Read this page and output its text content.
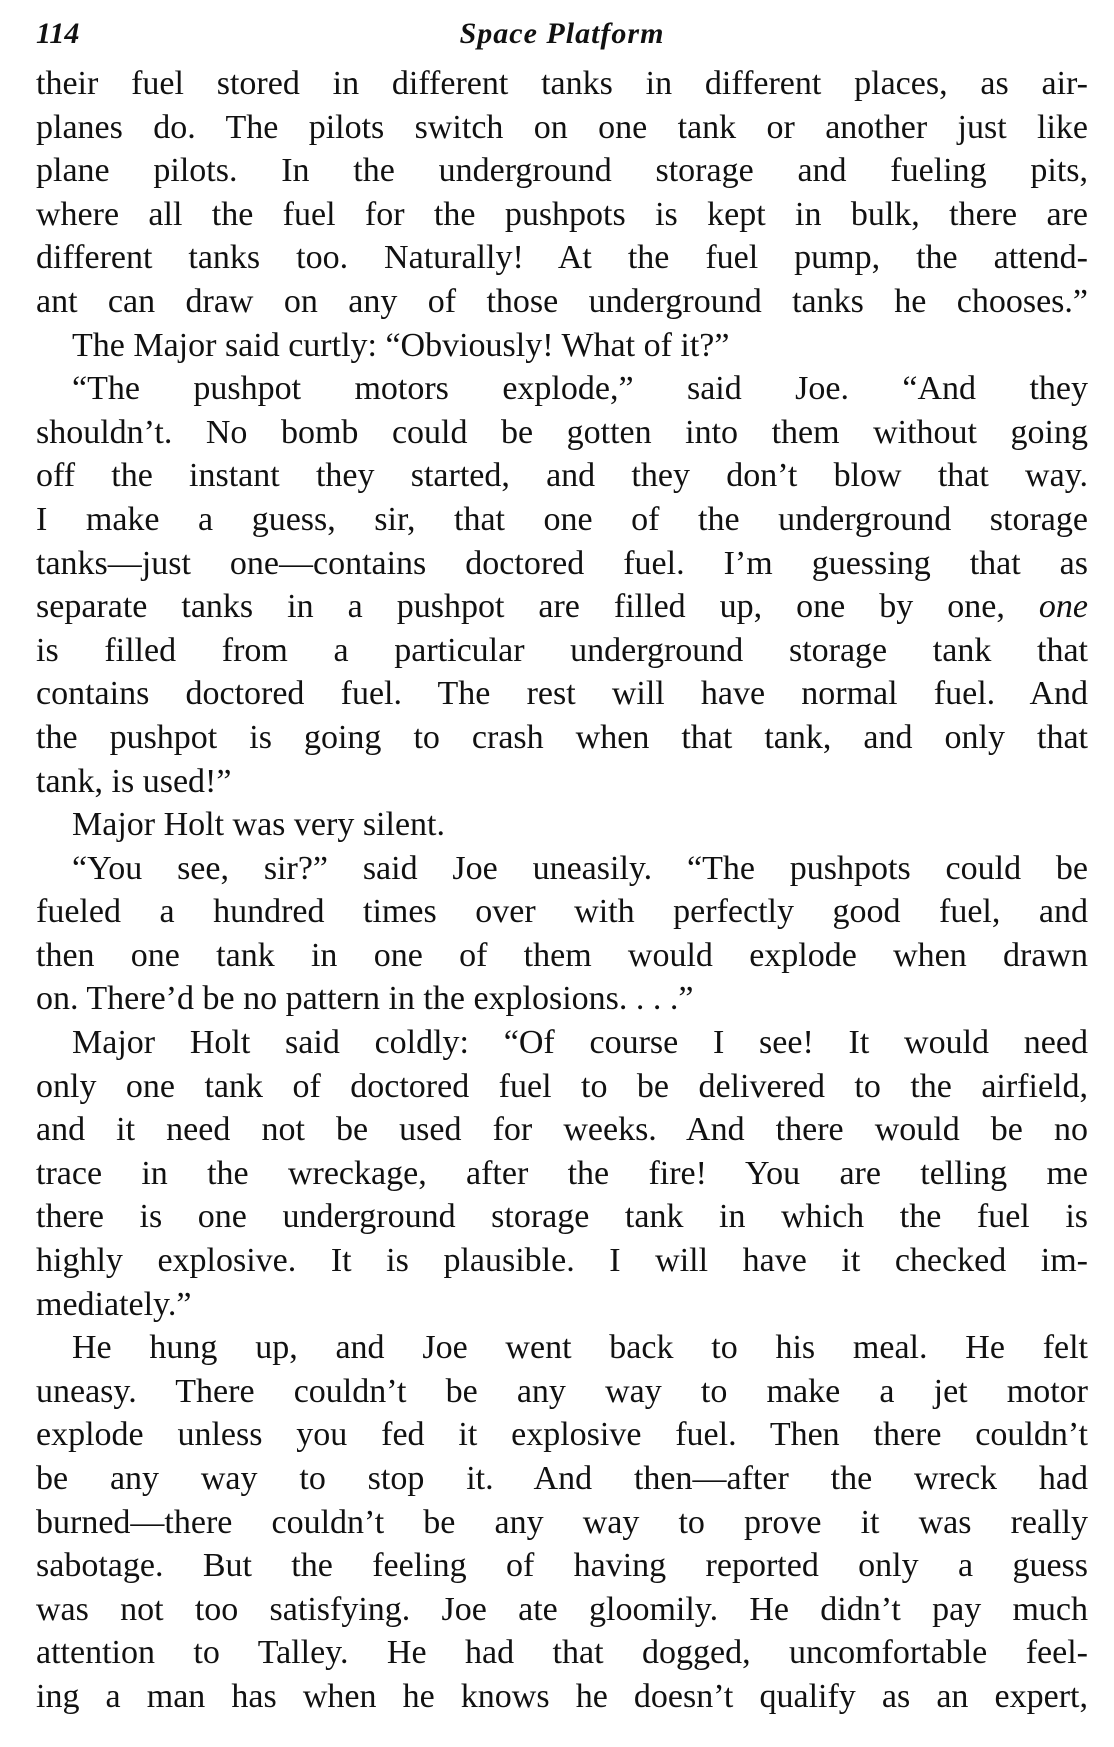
114	Space Platform
their fuel stored in different tanks in different places, as air-
planes do. The pilots switch on one tank or another just like
plane pilots. In the underground storage and fueling pits,
where all the fuel for the pushpots is kept in bulk, there are
different tanks too. Naturally! At the fuel pump, the attend-
ant can draw on any of those underground tanks he chooses.”
The Major said curtly: “Obviously! What of it?”
“The pushpot motors explode,” said Joe. “And they
shouldn’t. No bomb could be gotten into them without going
off the instant they started, and they don’t blow that way.
I make a guess, sir, that one of the underground storage
tanks—just one—contains doctored fuel. I’m guessing that as
separate tanks in a pushpot are filled up, one by one, one
is filled from a particular underground storage tank that
contains doctored fuel. The rest will have normal fuel. And
the pushpot is going to crash when that tank, and only that
tank, is used!”
Major Holt was very silent.
“You see, sir?” said Joe uneasily. “The pushpots could be
fueled a hundred times over with perfectly good fuel, and
then one tank in one of them would explode when drawn
on. There’d be no pattern in the explosions. . . .”
Major Holt said coldly: “Of course I see! It would need
only one tank of doctored fuel to be delivered to the airfield,
and it need not be used for weeks. And there would be no
trace in the wreckage, after the fire! You are telling me
there is one underground storage tank in which the fuel is
highly explosive. It is plausible. I will have it checked im-
mediately.”
He hung up, and Joe went back to his meal. He felt
uneasy. There couldn’t be any way to make a jet motor
explode unless you fed it explosive fuel. Then there couldn’t
be any way to stop it. And then—after the wreck had
burned—there couldn’t be any way to prove it was really
sabotage. But the feeling of having reported only a guess
was not too satisfying. Joe ate gloomily. He didn’t pay much
attention to Talley. He had that dogged, uncomfortable feel-
ing a man has when he knows he doesn’t qualify as an expert,
